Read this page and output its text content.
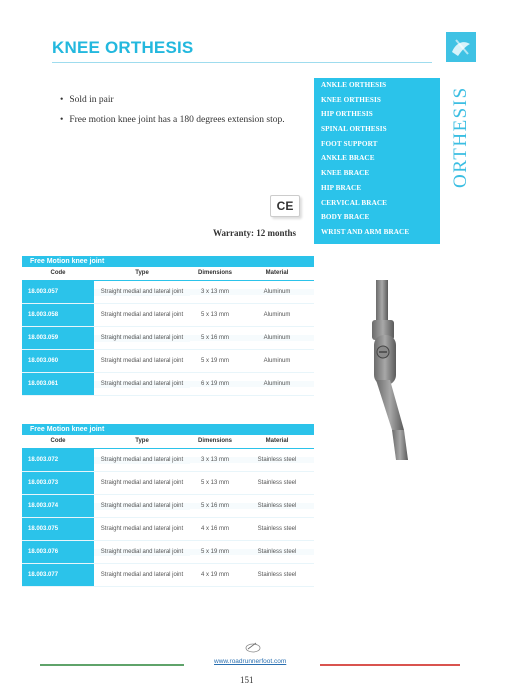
KNEE ORTHESIS
• Sold in pair
• Free motion knee joint has a 180 degrees extension stop.
ANKLE ORTHESIS
KNEE ORTHESIS
HIP ORTHESIS
SPINAL ORTHESIS
FOOT SUPPORT
ANKLE BRACE
KNEE BRACE
HIP BRACE
CERVICAL BRACE
BODY BRACE
WRIST AND ARM BRACE
ORTHESIS
CE
Warranty: 12 months
Free Motion knee joint
Code	Type	Dimensions	Material
18.003.057	Straight medial and lateral joint	3 x 13 mm	Aluminum
18.003.058	Straight medial and lateral joint	5 x 13 mm	Aluminum
18.003.059	Straight medial and lateral joint	5 x 16 mm	Aluminum
18.003.060	Straight medial and lateral joint	5 x 19 mm	Aluminum
18.003.061	Straight medial and lateral joint	6 x 19 mm	Aluminum
Free Motion knee joint
Code	Type	Dimensions	Material
18.003.072	Straight medial and lateral joint	3 x 13 mm	Stainless steel
18.003.073	Straight medial and lateral joint	5 x 13 mm	Stainless steel
18.003.074	Straight medial and lateral joint	5 x 16 mm	Stainless steel
18.003.075	Straight medial and lateral joint	4 x 16 mm	Stainless steel
18.003.076	Straight medial and lateral joint	5 x 19 mm	Stainless steel
18.003.077	Straight medial and lateral joint	4 x 19 mm	Stainless steel
www.roadrunnerfoot.com
151
